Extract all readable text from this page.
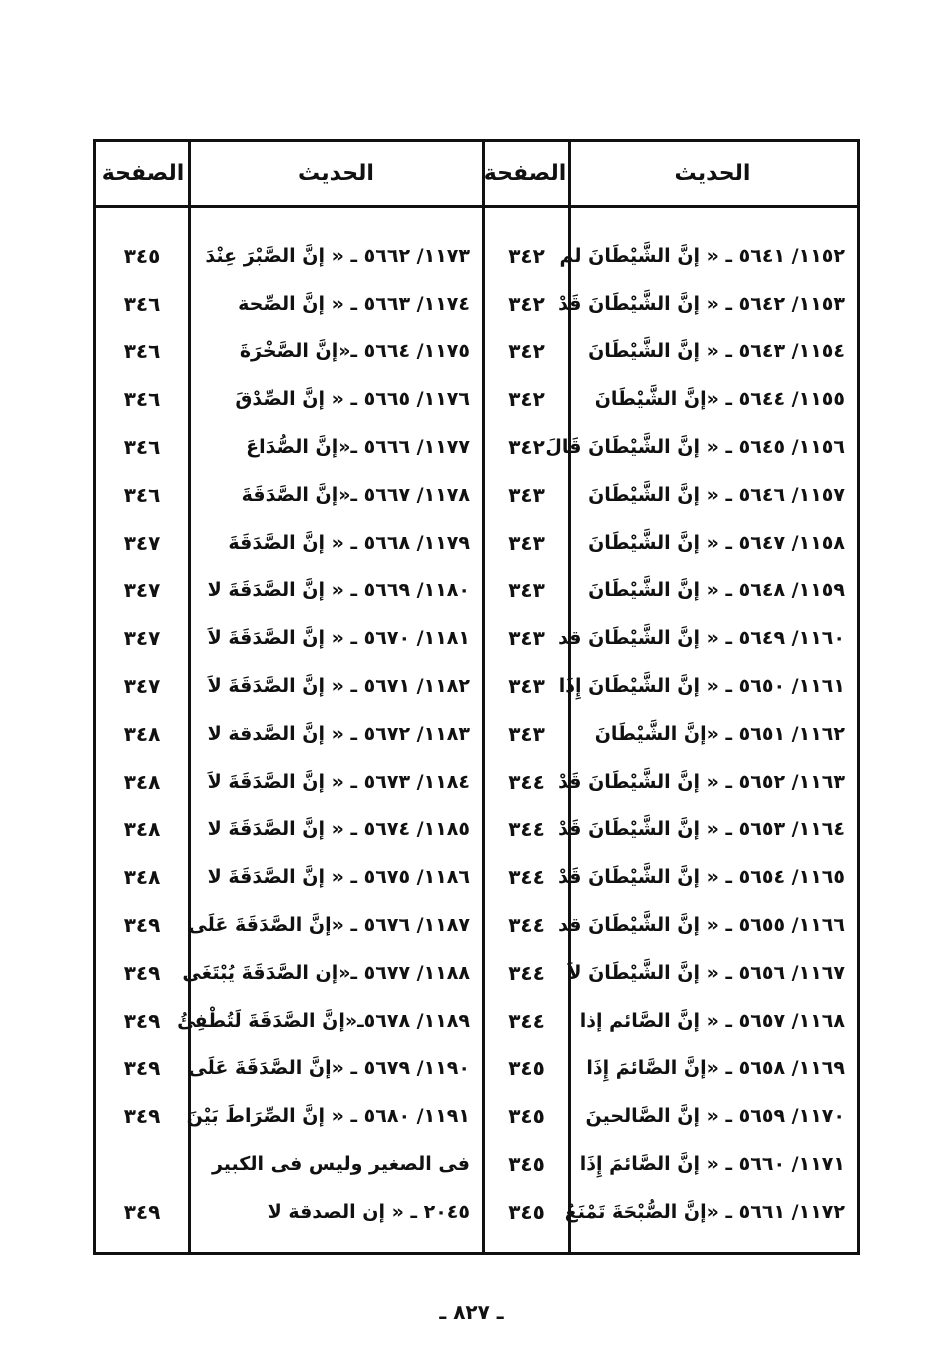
الحديث
الصفحة
الحديث
الصفحة
١١٥٢/ ٥٦٤١ ـ « إنَّ الشَّيْطَانَ لم
١١٥٣/ ٥٦٤٢ ـ « إنَّ الشَّيْطَانَ قَدْ
١١٥٤/ ٥٦٤٣ ـ « إنَّ الشَّيْطَانَ
١١٥٥/ ٥٦٤٤ ـ «إنَّ الشَّيْطَانَ
١١٥٦/ ٥٦٤٥ ـ « إنَّ الشَّيْطَانَ قَالَ
١١٥٧/ ٥٦٤٦ ـ « إنَّ الشَّيْطَانَ
١١٥٨/ ٥٦٤٧ ـ « إنَّ الشَّيْطَانَ
١١٥٩/ ٥٦٤٨ ـ « إنَّ الشَّيْطَانَ
١١٦٠/ ٥٦٤٩ ـ « إنَّ الشَّيْطَانَ قد
١١٦١/ ٥٦٥٠ ـ « إنَّ الشَّيْطَانَ إِذَا
١١٦٢/ ٥٦٥١ ـ «إنَّ الشَّيْطَانَ
١١٦٣/ ٥٦٥٢ ـ « إنَّ الشَّيْطَانَ قَدْ
١١٦٤/ ٥٦٥٣ ـ « إنَّ الشَّيْطَانَ قَدْ
١١٦٥/ ٥٦٥٤ ـ « إنَّ الشَّيْطَانَ قَدْ
١١٦٦/ ٥٦٥٥ ـ « إنَّ الشَّيْطَانَ قد
١١٦٧/ ٥٦٥٦ ـ « إنَّ الشَّيْطَانَ لاَ
١١٦٨/ ٥٦٥٧ ـ « إنَّ الصَّائم إذا
١١٦٩/ ٥٦٥٨ ـ «إنَّ الصَّائمَ إِذَا
١١٧٠/ ٥٦٥٩ ـ « إنَّ الصَّالحينَ
١١٧١/ ٥٦٦٠ ـ « إنَّ الصَّائمَ إِذَا
١١٧٢/ ٥٦٦١ ـ «إنَّ الصُّبْحَةَ تَمْنَعُ
٣٤٢
٣٤٢
٣٤٢
٣٤٢
٣٤٢
٣٤٣
٣٤٣
٣٤٣
٣٤٣
٣٤٣
٣٤٣
٣٤٤
٣٤٤
٣٤٤
٣٤٤
٣٤٤
٣٤٤
٣٤٥
٣٤٥
٣٤٥
٣٤٥
١١٧٣/ ٥٦٦٢ ـ « إنَّ الصَّبْرَ عِنْدَ
١١٧٤/ ٥٦٦٣ ـ « إنَّ الصِّحة
١١٧٥/ ٥٦٦٤ ـ«إنَّ الصَّخْرَةَ
١١٧٦/ ٥٦٦٥ ـ « إنَّ الصِّدْقَ
١١٧٧/ ٥٦٦٦ ـ«إنَّ الصُّدَاعَ
١١٧٨/ ٥٦٦٧ ـ«إنَّ الصَّدَقَةَ
١١٧٩/ ٥٦٦٨ ـ « إنَّ الصَّدَقَةَ
١١٨٠/ ٥٦٦٩ ـ « إنَّ الصَّدَقَةَ لا
١١٨١/ ٥٦٧٠ ـ « إنَّ الصَّدَقَةَ لاَ
١١٨٢/ ٥٦٧١ ـ « إنَّ الصَّدَقَةَ لاَ
١١٨٣/ ٥٦٧٢ ـ « إنَّ الصَّدقة لا
١١٨٤/ ٥٦٧٣ ـ « إنَّ الصَّدَقَةَ لاَ
١١٨٥/ ٥٦٧٤ ـ « إنَّ الصَّدَقَةَ لا
١١٨٦/ ٥٦٧٥ ـ « إنَّ الصَّدَقَةَ لا
١١٨٧/ ٥٦٧٦ ـ «إنَّ الصَّدَقَةَ عَلَى
١١٨٨/ ٥٦٧٧ ـ«إن الصَّدَقَةَ يُبْتَغَى
١١٨٩/ ٥٦٧٨ـ«إنَّ الصَّدَقَةَ لَتُطْفِئُ
١١٩٠/ ٥٦٧٩ ـ «إنَّ الصَّدَقَةَ عَلَى
١١٩١/ ٥٦٨٠ ـ « إنَّ الصِّرَاطَ بَيْنَ
فى الصغير وليس فى الكبير
٢٠٤٥ ـ « إن الصدقة لا
٣٤٥
٣٤٦
٣٤٦
٣٤٦
٣٤٦
٣٤٦
٣٤٧
٣٤٧
٣٤٧
٣٤٧
٣٤٨
٣٤٨
٣٤٨
٣٤٨
٣٤٩
٣٤٩
٣٤٩
٣٤٩
٣٤٩
٣٤٩
ـ ٨٢٧ ـ
